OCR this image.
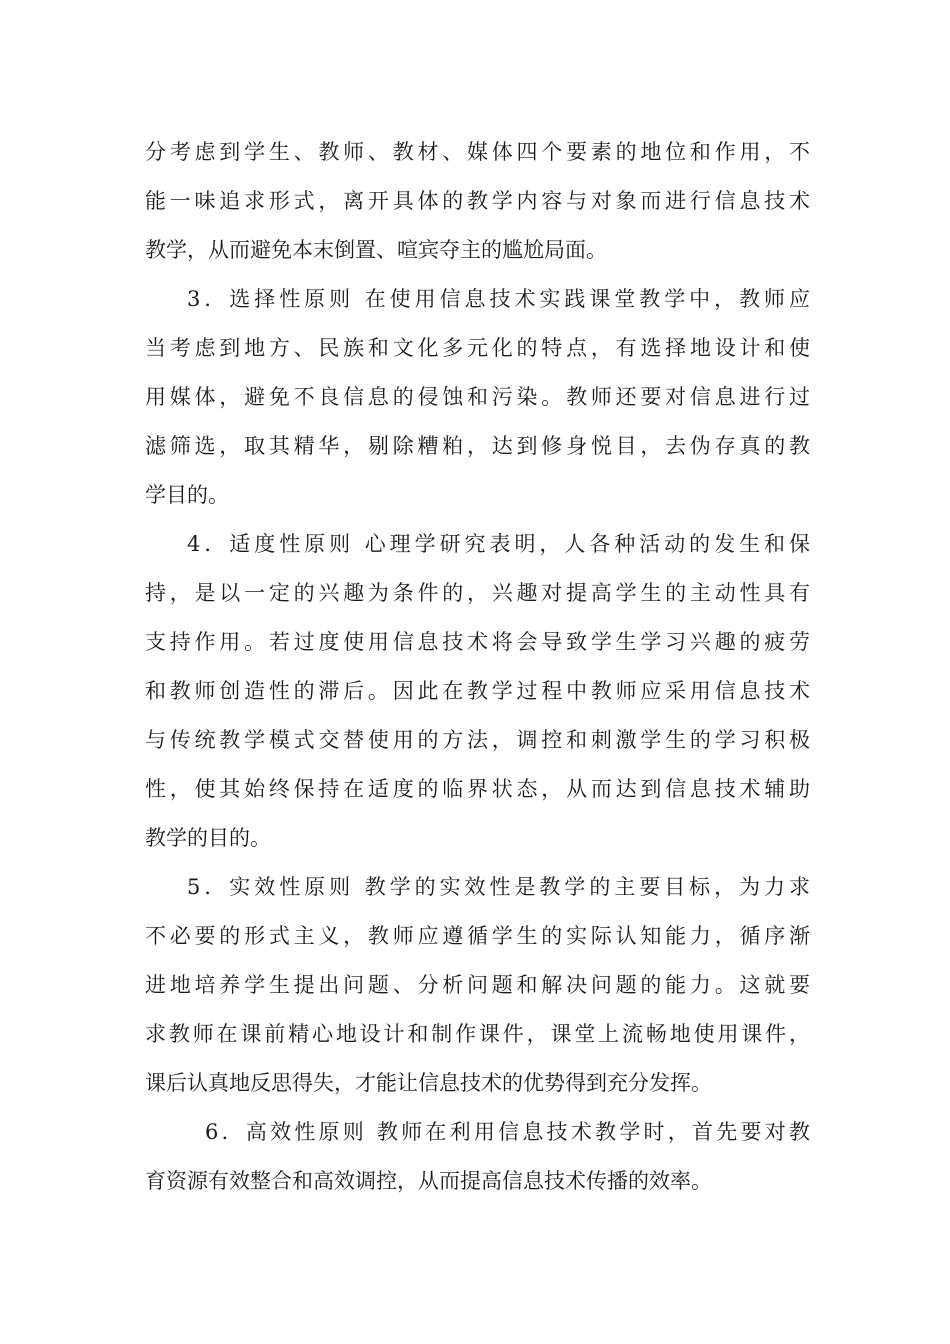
分考虑到学生、教师、教材、媒体四个要素的地位和作用，不
能一味追求形式，离开具体的教学内容与对象而进行信息技术
教学，从而避免本末倒置、喧宾夺主的尴尬局面。
3．选择性原则 在使用信息技术实践课堂教学中，教师应
当考虑到地方、民族和文化多元化的特点，有选择地设计和使
用媒体，避免不良信息的侵蚀和污染。教师还要对信息进行过
滤筛选，取其精华，剔除糟粕，达到修身悦目，去伪存真的教
学目的。
4．适度性原则 心理学研究表明，人各种活动的发生和保
持，是以一定的兴趣为条件的，兴趣对提高学生的主动性具有
支持作用。若过度使用信息技术将会导致学生学习兴趣的疲劳
和教师创造性的滞后。因此在教学过程中教师应采用信息技术
与传统教学模式交替使用的方法，调控和刺激学生的学习积极
性，使其始终保持在适度的临界状态，从而达到信息技术辅助
教学的目的。
5．实效性原则 教学的实效性是教学的主要目标，为力求
不必要的形式主义，教师应遵循学生的实际认知能力，循序渐
进地培养学生提出问题、分析问题和解决问题的能力。这就要
求教师在课前精心地设计和制作课件，课堂上流畅地使用课件，
课后认真地反思得失，才能让信息技术的优势得到充分发挥。
6．高效性原则 教师在利用信息技术教学时，首先要对教
育资源有效整合和高效调控，从而提高信息技术传播的效率。
